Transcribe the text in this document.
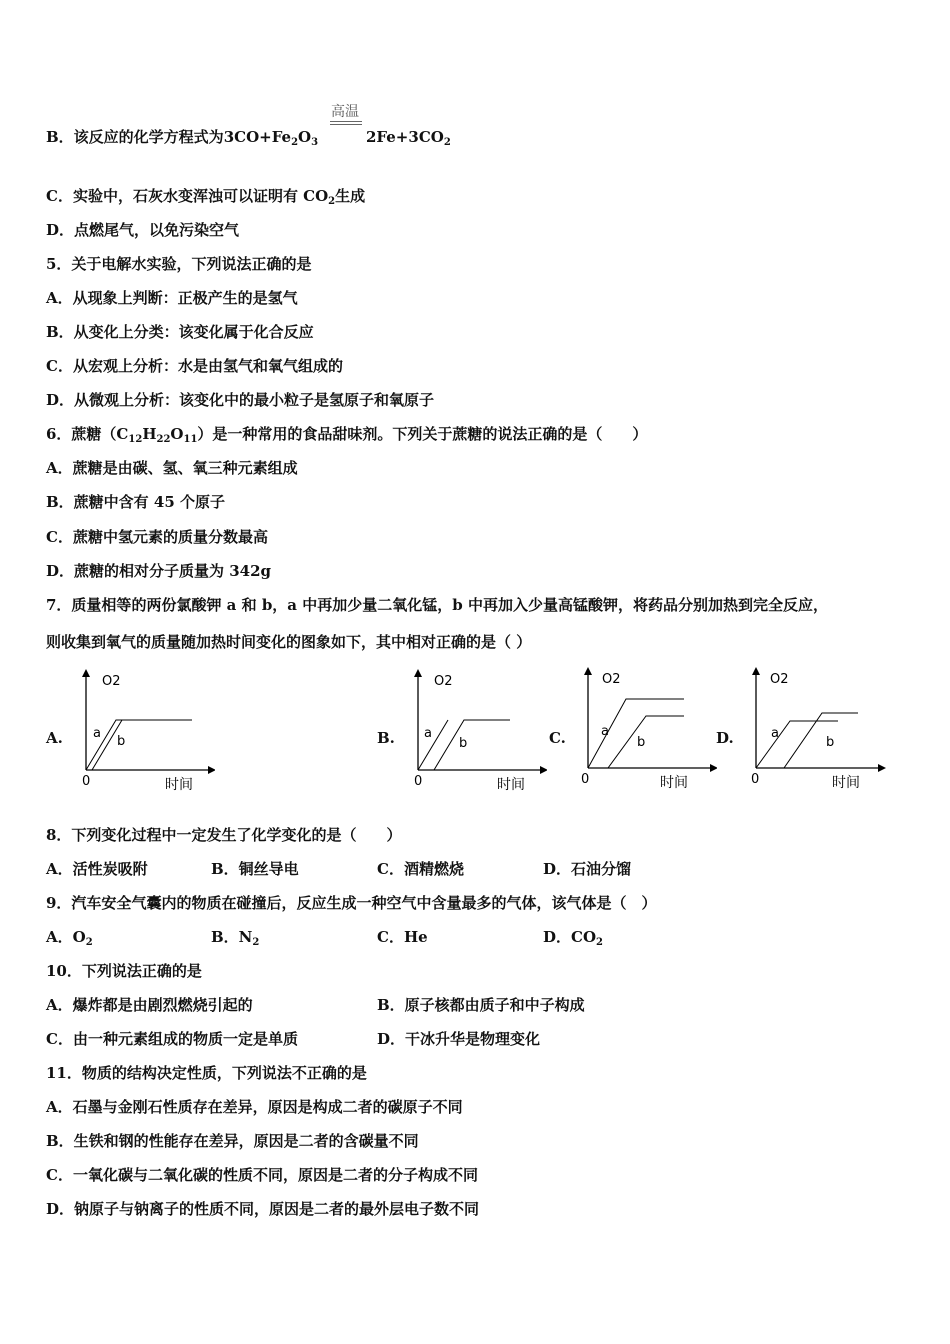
B．该反应的化学方程式为$3CO+Fe_2O_3$
高温
$2Fe+3CO_2$
C．实验中，石灰水变浑浊可以证明有 $CO_2$生成
D．点燃尾气，以免污染空气
5．关于电解水实验，下列说法正确的是
A．从现象上判断：正极产生的是氢气
B．从变化上分类：该变化属于化合反应
C．从宏观上分析：水是由氢气和氧气组成的
D．从微观上分析：该变化中的最小粒子是氢原子和氧原子
6．蔗糖$(C_{12}H_{22}O_{11})$是一种常用的食品甜味剂。下列关于蔗糖的说法正确的是（　　）
A．蔗糖是由碳、氢、氧三种元素组成
B．蔗糖中含有 45 个原子
C．蔗糖中氢元素的质量分数最高
D．蔗糖的相对分子质量为 342g
7．质量相等的两份氯酸钾 a 和 b，a 中再加少量二氧化锰，b 中再加入少量高锰酸钾，将药品分别加热到完全反应，
则收集到氧气的质量随加热时间变化的图象如下，其中相对正确的是（ ）
A.	B.	C.	D.
O2
0	时间
a
b
O2
0	时间
a
b
O2
0	时间
a
b
O2
0	时间
a
b
8．下列变化过程中一定发生了化学变化的是（　　）
A．活性炭吸附	B．铜丝导电	C．酒精燃烧	D．石油分馏
9．汽车安全气囊内的物质在碰撞后，反应生成一种空气中含量最多的气体，该气体是（　）
A．$O_2$	B．$N_2$	C．He	D．$CO_2$
10．下列说法正确的是
A．爆炸都是由剧烈燃烧引起的	B．原子核都由质子和中子构成
C．由一种元素组成的物质一定是单质	D．干冰升华是物理变化
11．物质的结构决定性质，下列说法不正确的是
A．石墨与金刚石性质存在差异，原因是构成二者的碳原子不同
B．生铁和钢的性能存在差异，原因是二者的含碳量不同
C．一氧化碳与二氧化碳的性质不同，原因是二者的分子构成不同
D．钠原子与钠离子的性质不同，原因是二者的最外层电子数不同
